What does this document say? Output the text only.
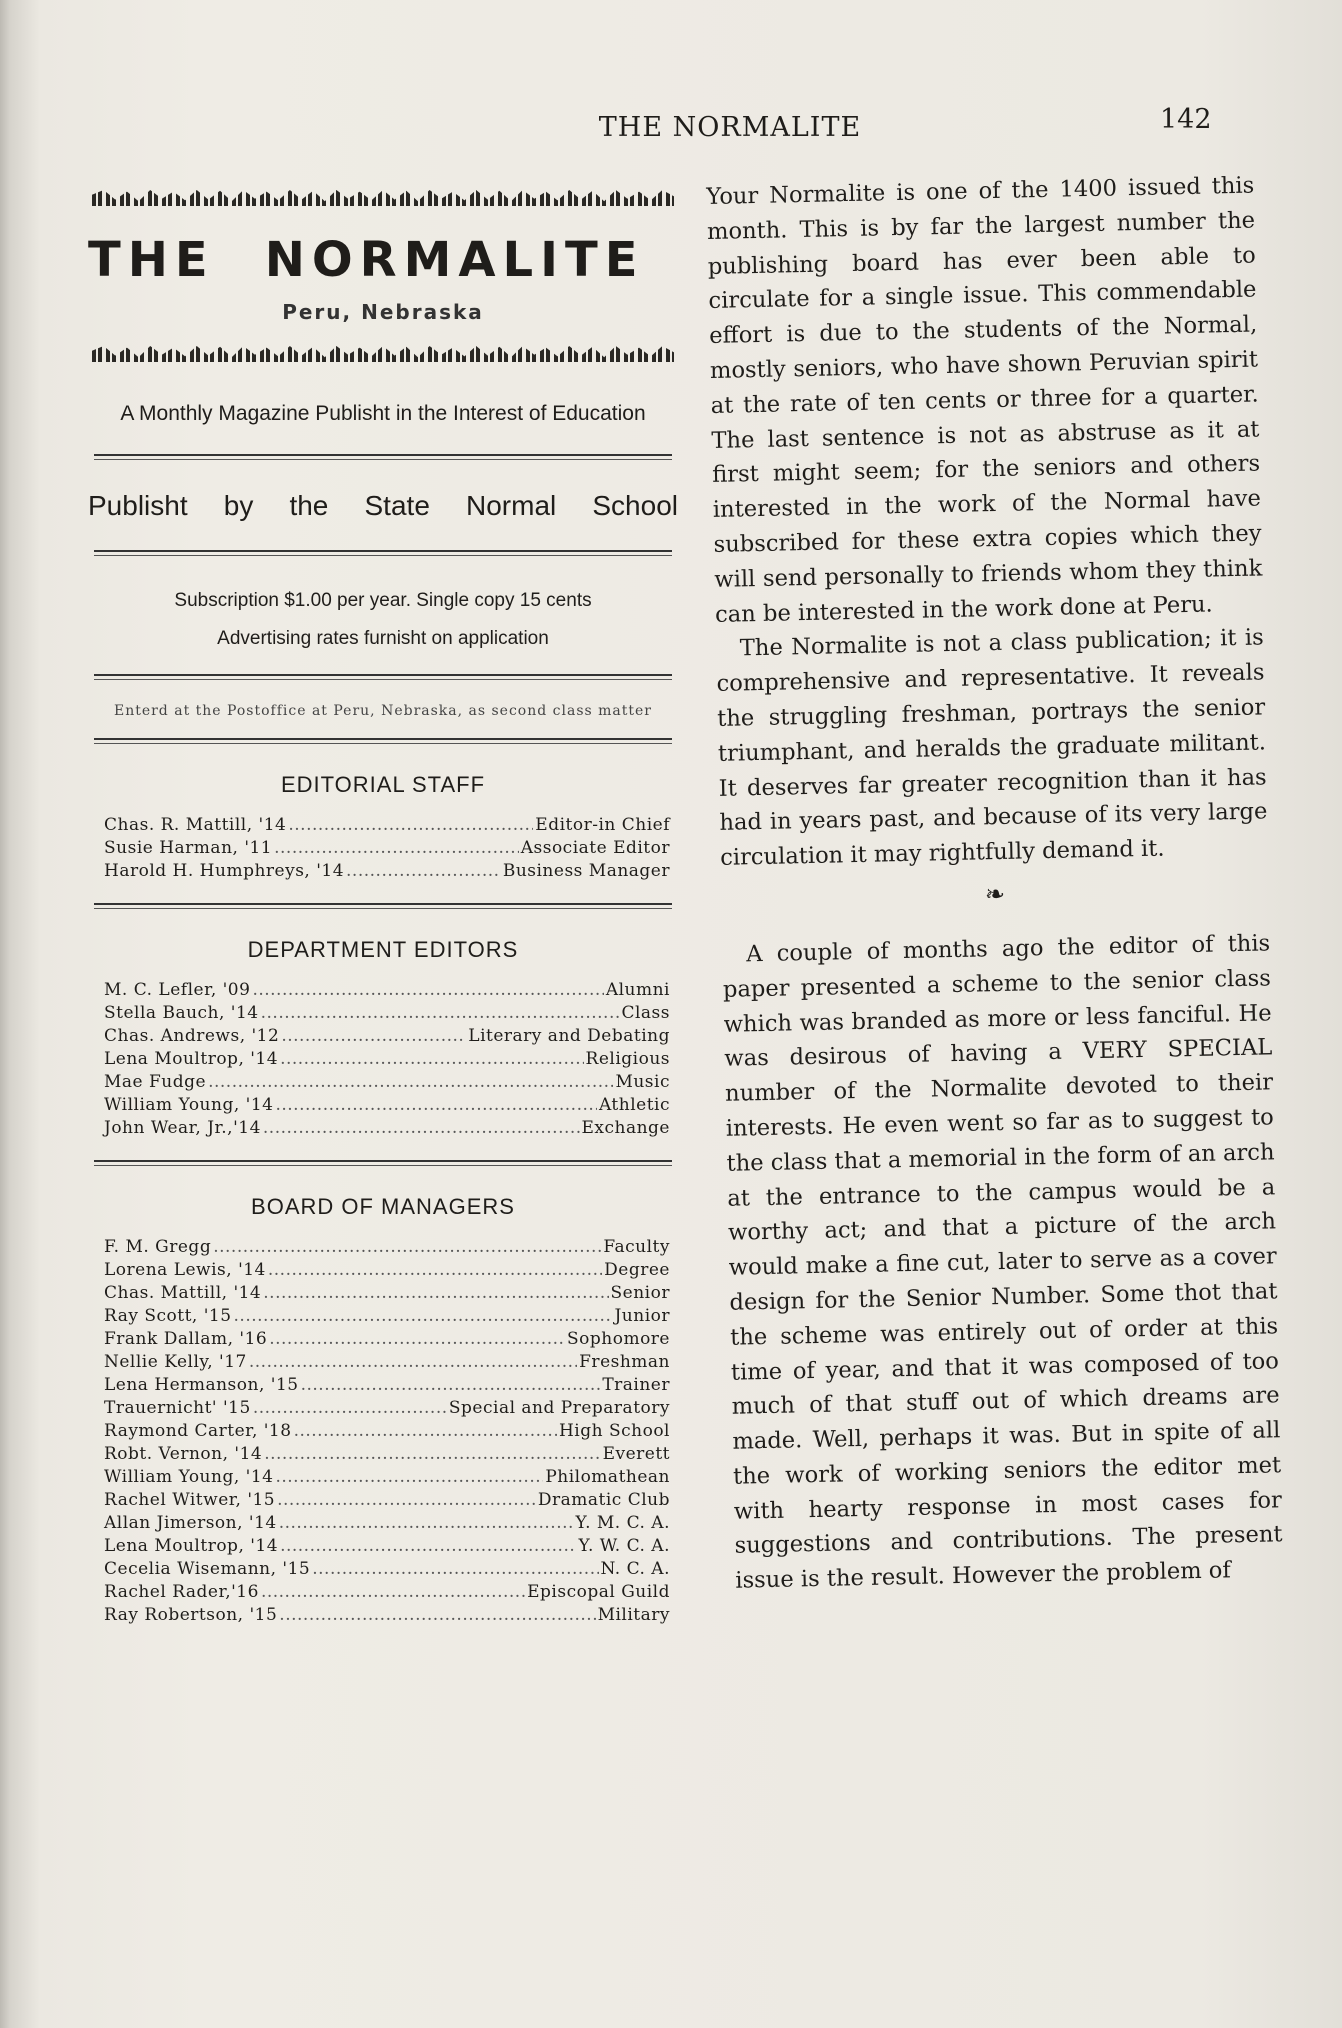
THE NORMALITE	142
THE NORMALITE
Peru, Nebraska
A Monthly Magazine Publisht in the Interest of Education
Publisht by the State Normal School
Subscription $1.00 per year. Single copy 15 cents
Advertising rates furnisht on application
Enterd at the Postoffice at Peru, Nebraska, as second class matter
EDITORIAL STAFF
Chas. R. Mattill, '14 .....	Editor-in Chief
Susie Harman, '11 .....	Associate Editor
Harold H. Humphreys, '14 .....	Business Manager
DEPARTMENT EDITORS
M. C. Lefler, '09 .....	Alumni
Stella Bauch, '14 .....	Class
Chas. Andrews, '12 .....	Literary and Debating
Lena Moultrop, '14 .....	Religious
Mae Fudge .....	Music
William Young, '14 .....	Athletic
John Wear, Jr.,'14 .....	Exchange
BOARD OF MANAGERS
F. M. Gregg .....	Faculty
Lorena Lewis, '14 .....	Degree
Chas. Mattill, '14 .....	Senior
Ray Scott, '15 .....	Junior
Frank Dallam, '16 .....	Sophomore
Nellie Kelly, '17 .....	Freshman
Lena Hermanson, '15 .....	Trainer
Trauernicht' '15 .....	Special and Preparatory
Raymond Carter, '18 .....	High School
Robt. Vernon, '14 .....	Everett
William Young, '14 .....	Philomathean
Rachel Witwer, '15 .....	Dramatic Club
Allan Jimerson, '14 .....	Y. M. C. A.
Lena Moultrop, '14 .....	Y. W. C. A.
Cecelia Wisemann, '15 .....	N. C. A.
Rachel Rader,'16 .....	Episcopal Guild
Ray Robertson, '15 .....	Military

Your Normalite is one of the 1400 issued this month. This is by far the largest number the publishing board has ever been able to circulate for a single issue. This commendable effort is due to the students of the Normal, mostly seniors, who have shown Peruvian spirit at the rate of ten cents or three for a quarter. The last sentence is not as abstruse as it at first might seem; for the seniors and others interested in the work of the Normal have subscribed for these extra copies which they will send personally to friends whom they think can be interested in the work done at Peru.

The Normalite is not a class publication; it is comprehensive and representative. It reveals the struggling freshman, portrays the senior triumphant, and heralds the graduate militant. It deserves far greater recognition than it has had in years past, and because of its very large circulation it may rightfully demand it.

❧

A couple of months ago the editor of this paper presented a scheme to the senior class which was branded as more or less fanciful. He was desirous of having a VERY SPECIAL number of the Normalite devoted to their interests. He even went so far as to suggest to the class that a memorial in the form of an arch at the entrance to the campus would be a worthy act; and that a picture of the arch would make a fine cut, later to serve as a cover design for the Senior Number. Some thot that the scheme was entirely out of order at this time of year, and that it was composed of too much of that stuff out of which dreams are made. Well, perhaps it was. But in spite of all the work of working seniors the editor met with hearty response in most cases for suggestions and contributions. The present issue is the result. However the problem of
